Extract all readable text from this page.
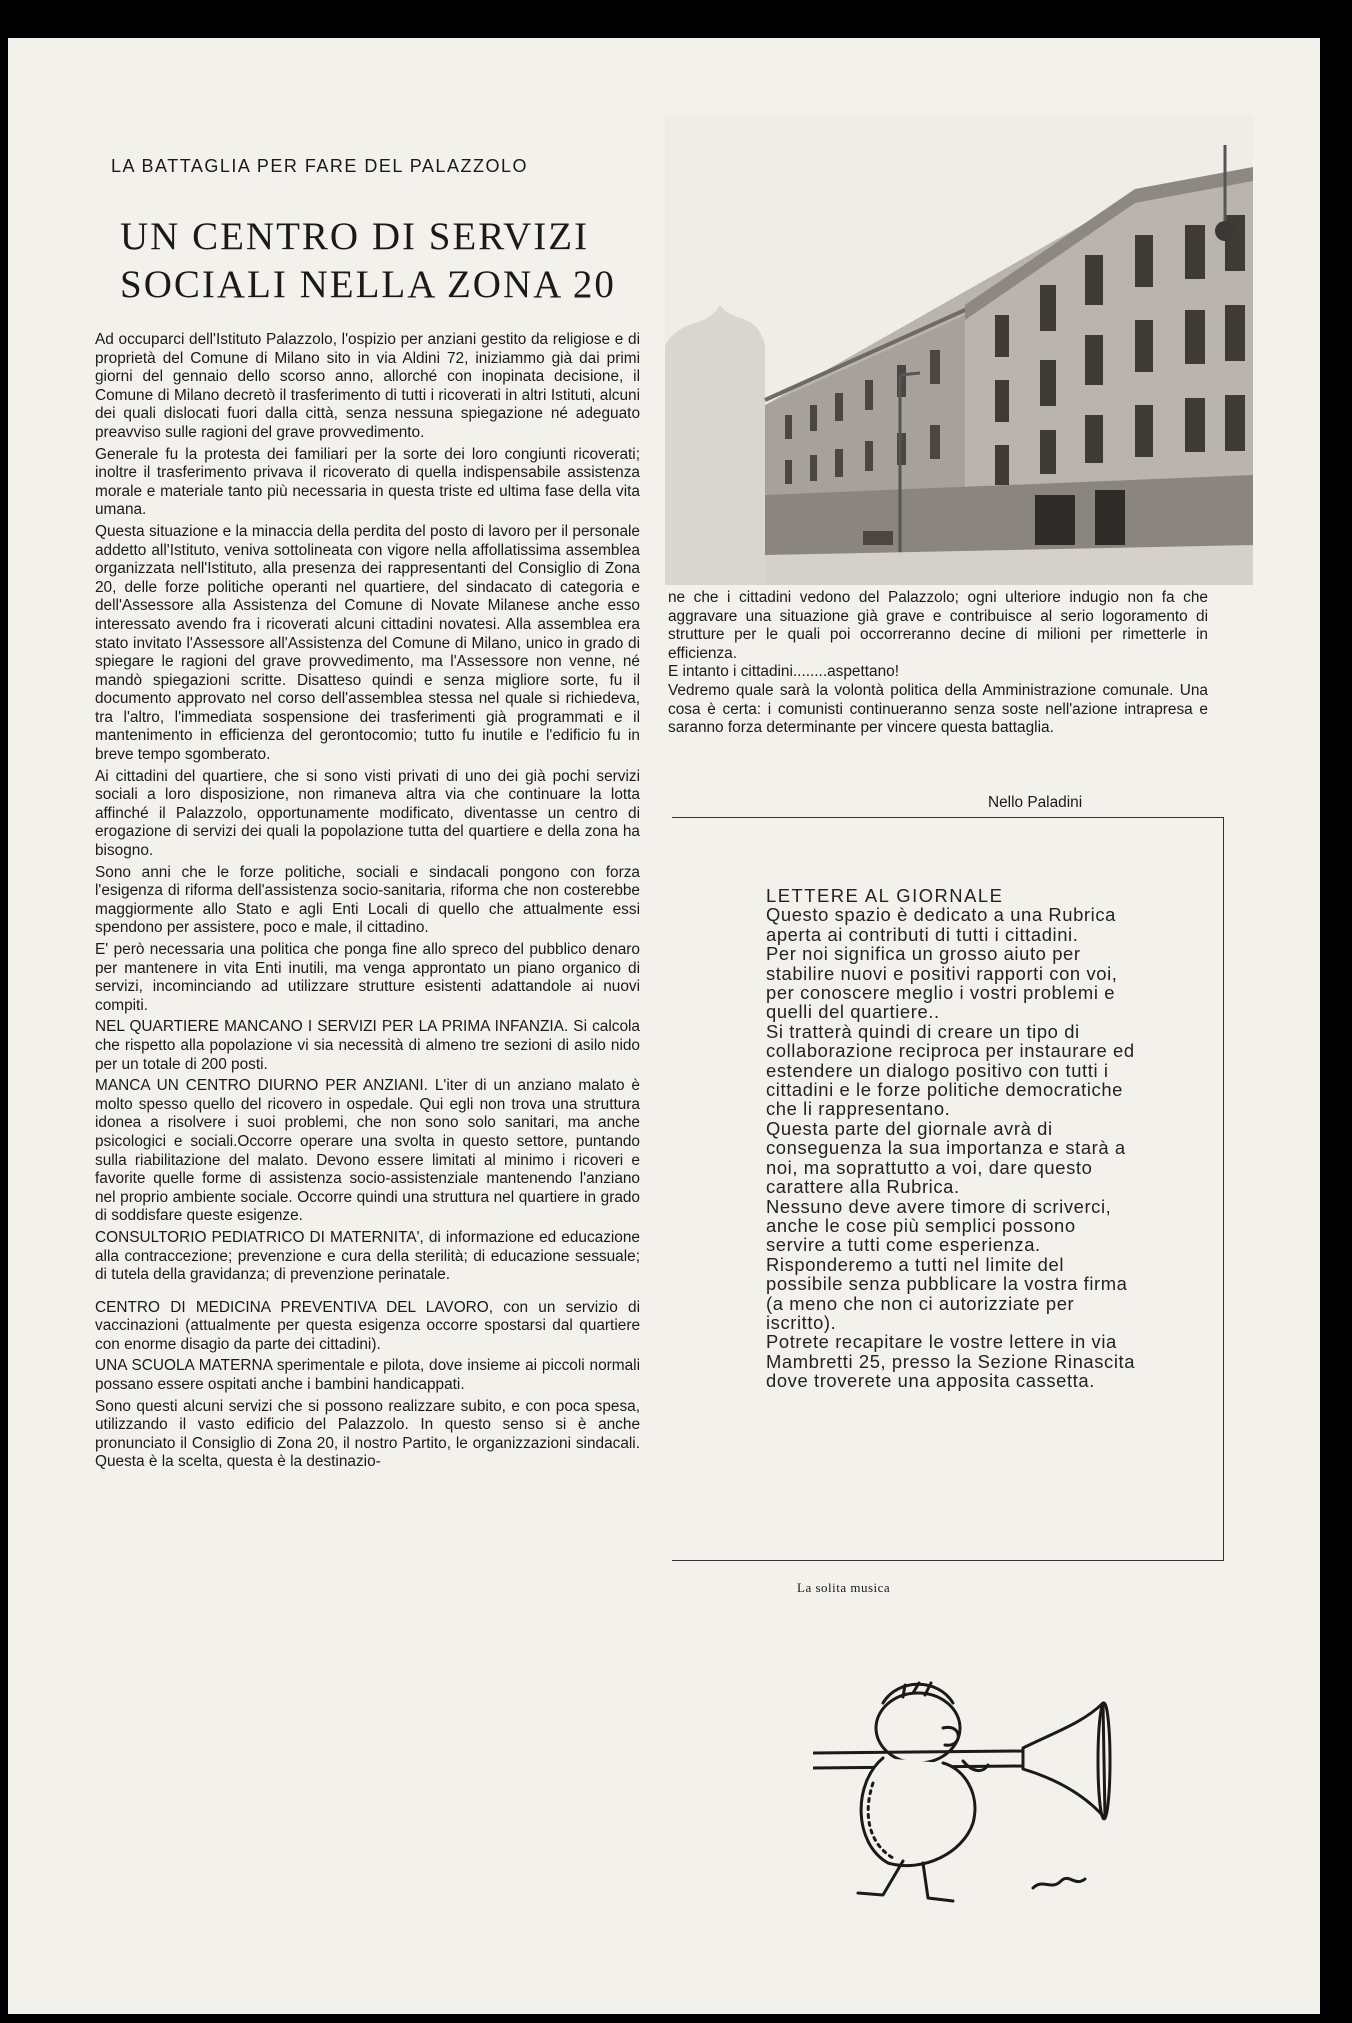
LA BATTAGLIA PER FARE DEL PALAZZOLO
UN CENTRO DI SERVIZI
SOCIALI NELLA ZONA 20

Ad occuparci dell'Istituto Palazzolo, l'ospizio per anziani gestito da religiose e di proprietà del Comune di Milano sito in via Aldini 72, iniziammo già dai primi giorni del gennaio dello scorso anno, allorché con inopinata decisione, il Comune di Milano decretò il trasferimento di tutti i ricoverati in altri Istituti, alcuni dei quali dislocati fuori dalla città, senza nessuna spiegazione né adeguato preavviso sulle ragioni del grave provvedimento.

Generale fu la protesta dei familiari per la sorte dei loro congiunti ricoverati; inoltre il trasferimento privava il ricoverato di quella indispensabile assistenza morale e materiale tanto più necessaria in questa triste ed ultima fase della vita umana.

Questa situazione e la minaccia della perdita del posto di lavoro per il personale addetto all'Istituto, veniva sottolineata con vigore nella affollatissima assemblea organizzata nell'Istituto, alla presenza dei rappresentanti del Consiglio di Zona 20, delle forze politiche operanti nel quartiere, del sindacato di categoria e dell'Assessore alla Assistenza del Comune di Novate Milanese anche esso interessato avendo fra i ricoverati alcuni cittadini novatesi. Alla assemblea era stato invitato l'Assessore all'Assistenza del Comune di Milano, unico in grado di spiegare le ragioni del grave provvedimento, ma l'Assessore non venne, né mandò spiegazioni scritte. Disatteso quindi e senza migliore sorte, fu il documento approvato nel corso dell'assemblea stessa nel quale si richiedeva, tra l'altro, l'immediata sospensione dei trasferimenti già programmati e il mantenimento in efficienza del gerontocomio; tutto fu inutile e l'edificio fu in breve tempo sgomberato.

Ai cittadini del quartiere, che si sono visti privati di uno dei già pochi servizi sociali a loro disposizione, non rimaneva altra via che continuare la lotta affinché il Palazzolo, opportunamente modificato, diventasse un centro di erogazione di servizi dei quali la popolazione tutta del quartiere e della zona ha bisogno.

Sono anni che le forze politiche, sociali e sindacali pongono con forza l'esigenza di riforma dell'assistenza socio-sanitaria, riforma che non costerebbe maggiormente allo Stato e agli Enti Locali di quello che attualmente essi spendono per assistere, poco e male, il cittadino.

E' però necessaria una politica che ponga fine allo spreco del pubblico denaro per mantenere in vita Enti inutili, ma venga approntato un piano organico di servizi, incominciando ad utilizzare strutture esistenti adattandole ai nuovi compiti.

NEL QUARTIERE MANCANO I SERVIZI PER LA PRIMA INFANZIA. Si calcola che rispetto alla popolazione vi sia necessità di almeno tre sezioni di asilo nido per un totale di 200 posti.

MANCA UN CENTRO DIURNO PER ANZIANI. L'iter di un anziano malato è molto spesso quello del ricovero in ospedale. Qui egli non trova una struttura idonea a risolvere i suoi problemi, che non sono solo sanitari, ma anche psicologici e sociali.Occorre operare una svolta in questo settore, puntando sulla riabilitazione del malato. Devono essere limitati al minimo i ricoveri e favorite quelle forme di assistenza socio-assistenziale mantenendo l'anziano nel proprio ambiente sociale. Occorre quindi una struttura nel quartiere in grado di soddisfare queste esigenze.

CONSULTORIO PEDIATRICO DI MATERNITA', di informazione ed educazione alla contraccezione; prevenzione e cura della sterilità; di educazione sessuale; di tutela della gravidanza; di prevenzione perinatale.

CENTRO DI MEDICINA PREVENTIVA DEL LAVORO, con un servizio di vaccinazioni (attualmente per questa esigenza occorre spostarsi dal quartiere con enorme disagio da parte dei cittadini).

UNA SCUOLA MATERNA sperimentale e pilota, dove insieme ai piccoli normali possano essere ospitati anche i bambini handicappati.

Sono questi alcuni servizi che si possono realizzare subito, e con poca spesa, utilizzando il vasto edificio del Palazzolo. In questo senso si è anche pronunciato il Consiglio di Zona 20, il nostro Partito, le organizzazioni sindacali. Questa è la scelta, questa è la destinazio-

ne che i cittadini vedono del Palazzolo; ogni ulteriore indugio non fa che aggravare una situazione già grave e contribuisce al serio logoramento di strutture per le quali poi occorreranno decine di milioni per rimetterle in efficienza.

E intanto i cittadini........aspettano!

Vedremo quale sarà la volontà politica della Amministrazione comunale. Una cosa è certa: i comunisti continueranno senza soste nell'azione intrapresa e saranno forza determinante per vincere questa battaglia.

Nello Paladini

LETTERE AL GIORNALE

Questo spazio è dedicato a una Rubrica aperta ai contributi di tutti i cittadini.

Per noi significa un grosso aiuto per stabilire nuovi e positivi rapporti con voi, per conoscere meglio i vostri problemi e quelli del quartiere..

Si tratterà quindi di creare un tipo di collaborazione reciproca per instaurare ed estendere un dialogo positivo con tutti i cittadini e le forze politiche democratiche che li rappresentano.

Questa parte del giornale avrà di conseguenza la sua importanza e starà a noi, ma soprattutto a voi, dare questo carattere alla Rubrica.

Nessuno deve avere timore di scriverci, anche le cose più semplici possono servire a tutti come esperienza.

Risponderemo a tutti nel limite del possibile senza pubblicare la vostra firma (a meno che non ci autorizziate per iscritto).

Potrete recapitare le vostre lettere in via Mambretti 25, presso la Sezione Rinascita dove troverete una apposita cassetta.

La solita musica
